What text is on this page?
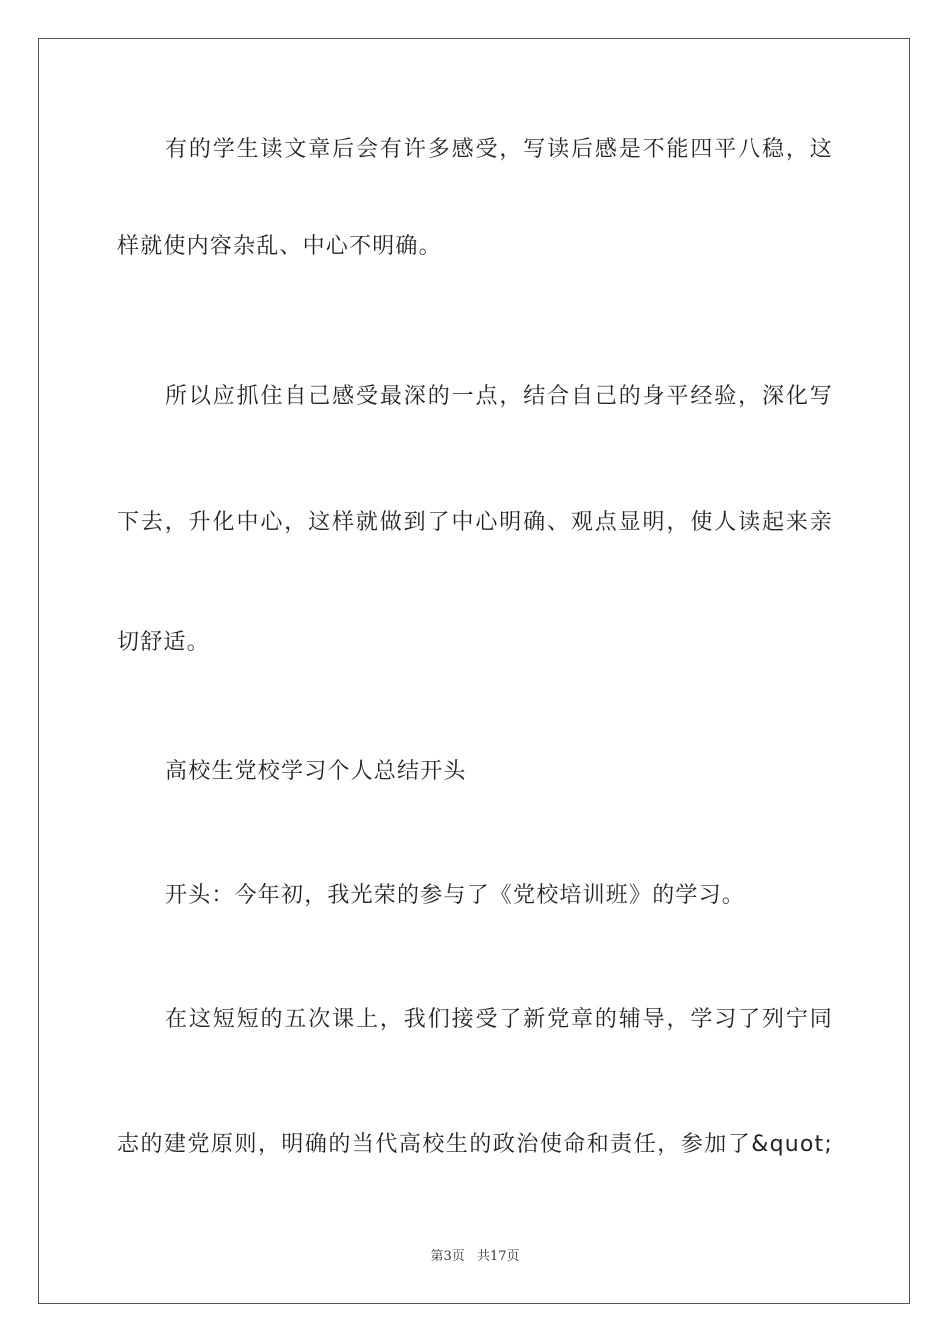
有的学生读文章后会有许多感受，写读后感是不能四平八稳，这
样就使内容杂乱、中心不明确。
所以应抓住自己感受最深的一点，结合自己的身平经验，深化写
下去，升化中心，这样就做到了中心明确、观点显明，使人读起来亲
切舒适。
高校生党校学习个人总结开头
开头：今年初，我光荣的参与了《党校培训班》的学习。
在这短短的五次课上，我们接受了新党章的辅导，学习了列宁同
志的建党原则，明确的当代高校生的政治使命和责任，参加了&quot;
第3页 共17页
